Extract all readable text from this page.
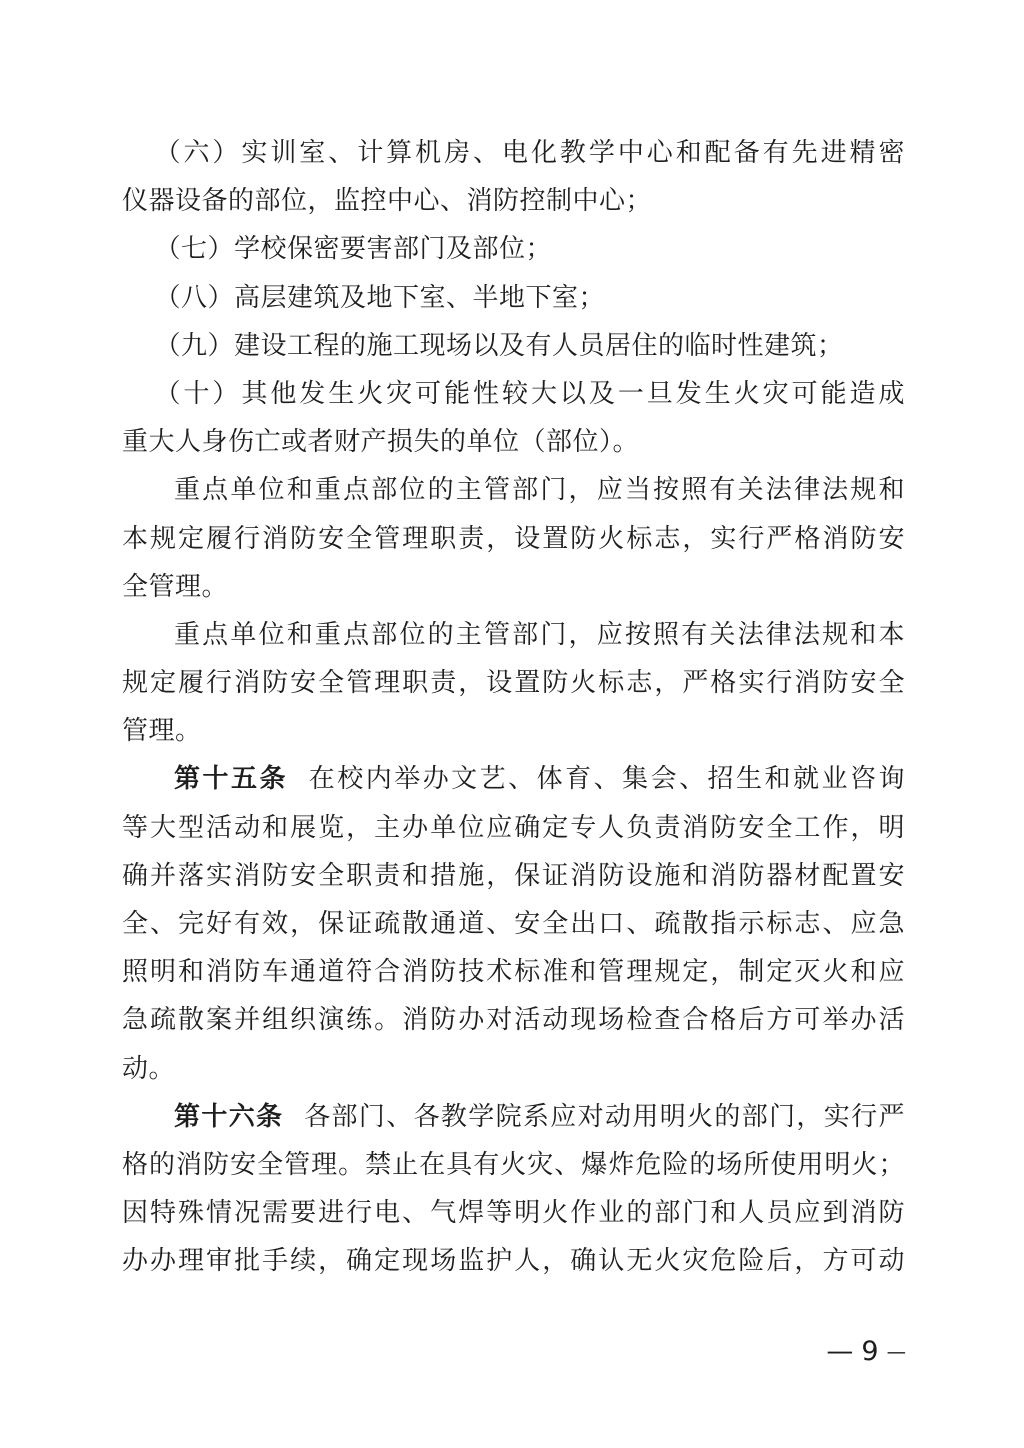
（六）实训室、计算机房、电化教学中心和配备有先进精密
仪器设备的部位，监控中心、消防控制中心；
（七）学校保密要害部门及部位；
（八）高层建筑及地下室、半地下室；
（九）建设工程的施工现场以及有人员居住的临时性建筑；
（十）其他发生火灾可能性较大以及一旦发生火灾可能造成
重大人身伤亡或者财产损失的单位（部位）。
重点单位和重点部位的主管部门，应当按照有关法律法规和
本规定履行消防安全管理职责，设置防火标志，实行严格消防安
全管理。
重点单位和重点部位的主管部门，应按照有关法律法规和本
规定履行消防安全管理职责，设置防火标志，严格实行消防安全
管理。
第十五条 在校内举办文艺、体育、集会、招生和就业咨询
等大型活动和展览，主办单位应确定专人负责消防安全工作，明
确并落实消防安全职责和措施，保证消防设施和消防器材配置安
全、完好有效，保证疏散通道、安全出口、疏散指示标志、应急
照明和消防车通道符合消防技术标准和管理规定，制定灭火和应
急疏散案并组织演练。消防办对活动现场检查合格后方可举办活
动。
第十六条 各部门、各教学院系应对动用明火的部门，实行严
格的消防安全管理。禁止在具有火灾、爆炸危险的场所使用明火；
因特殊情况需要进行电、气焊等明火作业的部门和人员应到消防
办办理审批手续，确定现场监护人，确认无火灾危险后，方可动
— 9 —
